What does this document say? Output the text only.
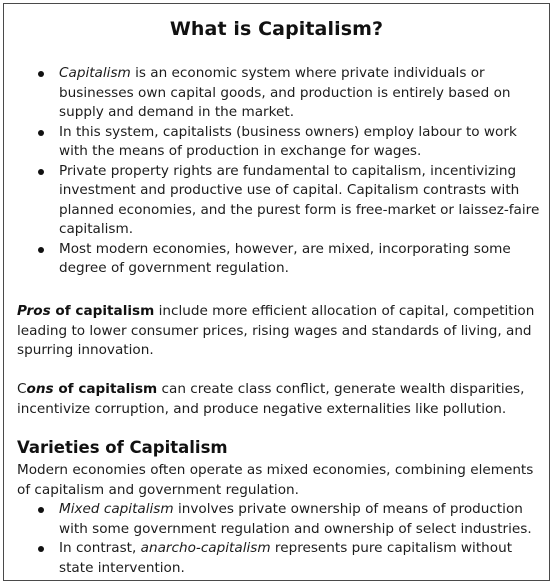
What is Capitalism?
Capitalism is an economic system where private individuals or businesses own capital goods, and production is entirely based on supply and demand in the market.
In this system, capitalists (business owners) employ labour to work with the means of production in exchange for wages.
Private property rights are fundamental to capitalism, incentivizing investment and productive use of capital. Capitalism contrasts with planned economies, and the purest form is free-market or laissez-faire capitalism.
Most modern economies, however, are mixed, incorporating some degree of government regulation.

Pros of capitalism include more efficient allocation of capital, competition leading to lower consumer prices, rising wages and standards of living, and spurring innovation.

Cons of capitalism can create class conflict, generate wealth disparities, incentivize corruption, and produce negative externalities like pollution.

Varieties of Capitalism

Modern economies often operate as mixed economies, combining elements of capitalism and government regulation.

Mixed capitalism involves private ownership of means of production with some government regulation and ownership of select industries.
In contrast, anarcho-capitalism represents pure capitalism without state intervention.
